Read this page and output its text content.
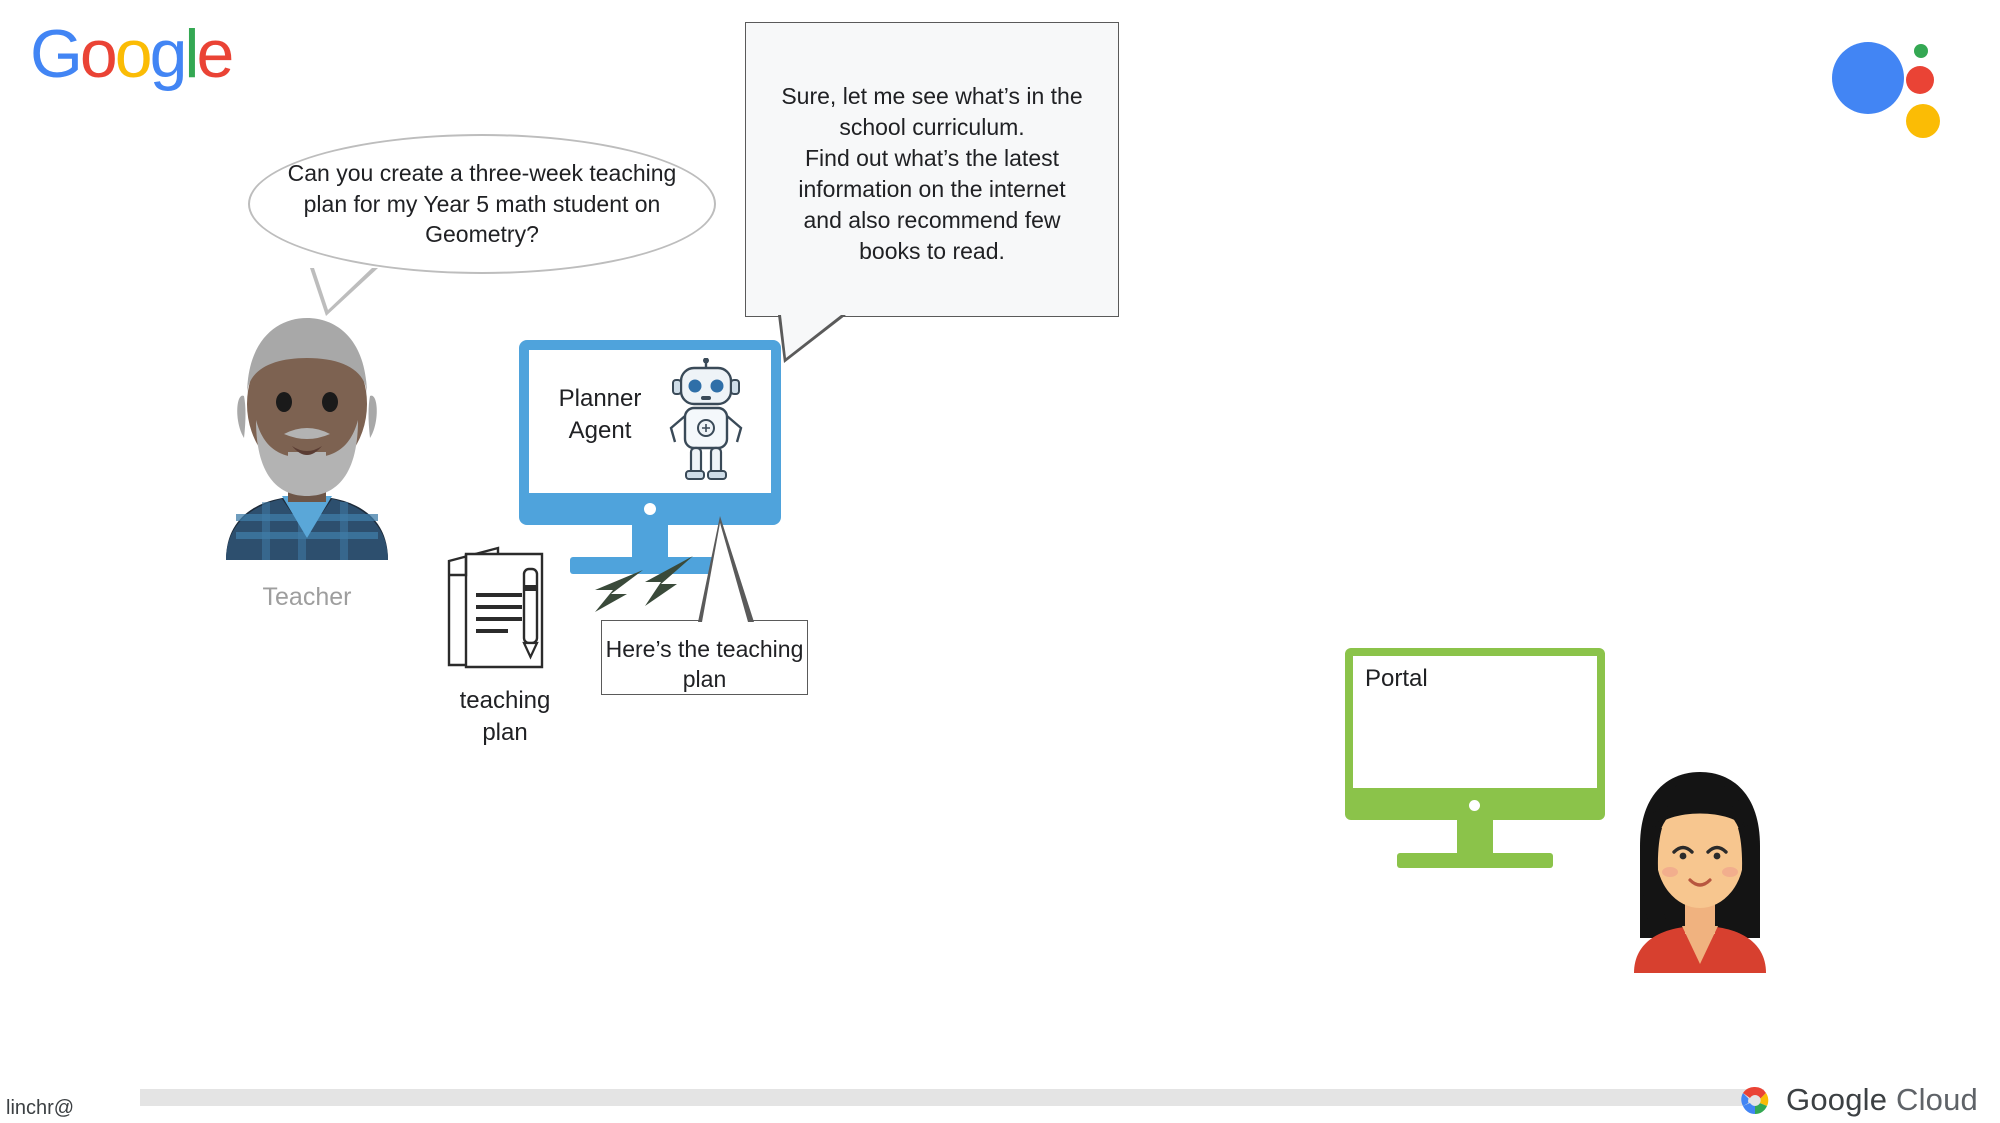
Google
Can you create a three-week teaching plan for my Year 5 math student on Geometry?
Sure, let me see what’s in the
school curriculum.
Find out what’s the latest
information on the internet
and also recommend few
books to read.
Teacher
Planner
Agent
teaching
plan
Here’s the teaching plan	Portal
linchr@	Google Cloud
